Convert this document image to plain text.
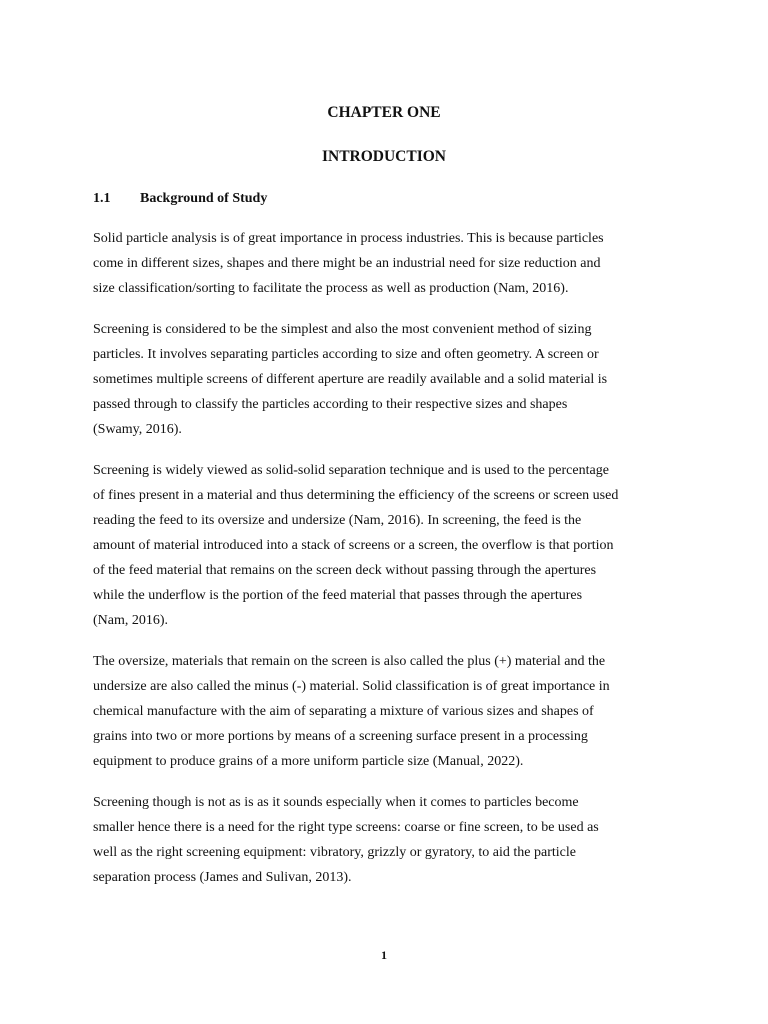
CHAPTER ONE
INTRODUCTION
1.1 Background of Study

Solid particle analysis is of great importance in process industries. This is because particles
come in different sizes, shapes and there might be an industrial need for size reduction and
size classification/sorting to facilitate the process as well as production (Nam, 2016).

Screening is considered to be the simplest and also the most convenient method of sizing
particles. It involves separating particles according to size and often geometry. A screen or
sometimes multiple screens of different aperture are readily available and a solid material is
passed through to classify the particles according to their respective sizes and shapes
(Swamy, 2016).

Screening is widely viewed as solid-solid separation technique and is used to the percentage
of fines present in a material and thus determining the efficiency of the screens or screen used
reading the feed to its oversize and undersize (Nam, 2016). In screening, the feed is the
amount of material introduced into a stack of screens or a screen, the overflow is that portion
of the feed material that remains on the screen deck without passing through the apertures
while the underflow is the portion of the feed material that passes through the apertures
(Nam, 2016).

The oversize, materials that remain on the screen is also called the plus (+) material and the
undersize are also called the minus (-) material. Solid classification is of great importance in
chemical manufacture with the aim of separating a mixture of various sizes and shapes of
grains into two or more portions by means of a screening surface present in a processing
equipment to produce grains of a more uniform particle size (Manual, 2022).

Screening though is not as is as it sounds especially when it comes to particles become
smaller hence there is a need for the right type screens: coarse or fine screen, to be used as
well as the right screening equipment: vibratory, grizzly or gyratory, to aid the particle
separation process (James and Sulivan, 2013).

1
